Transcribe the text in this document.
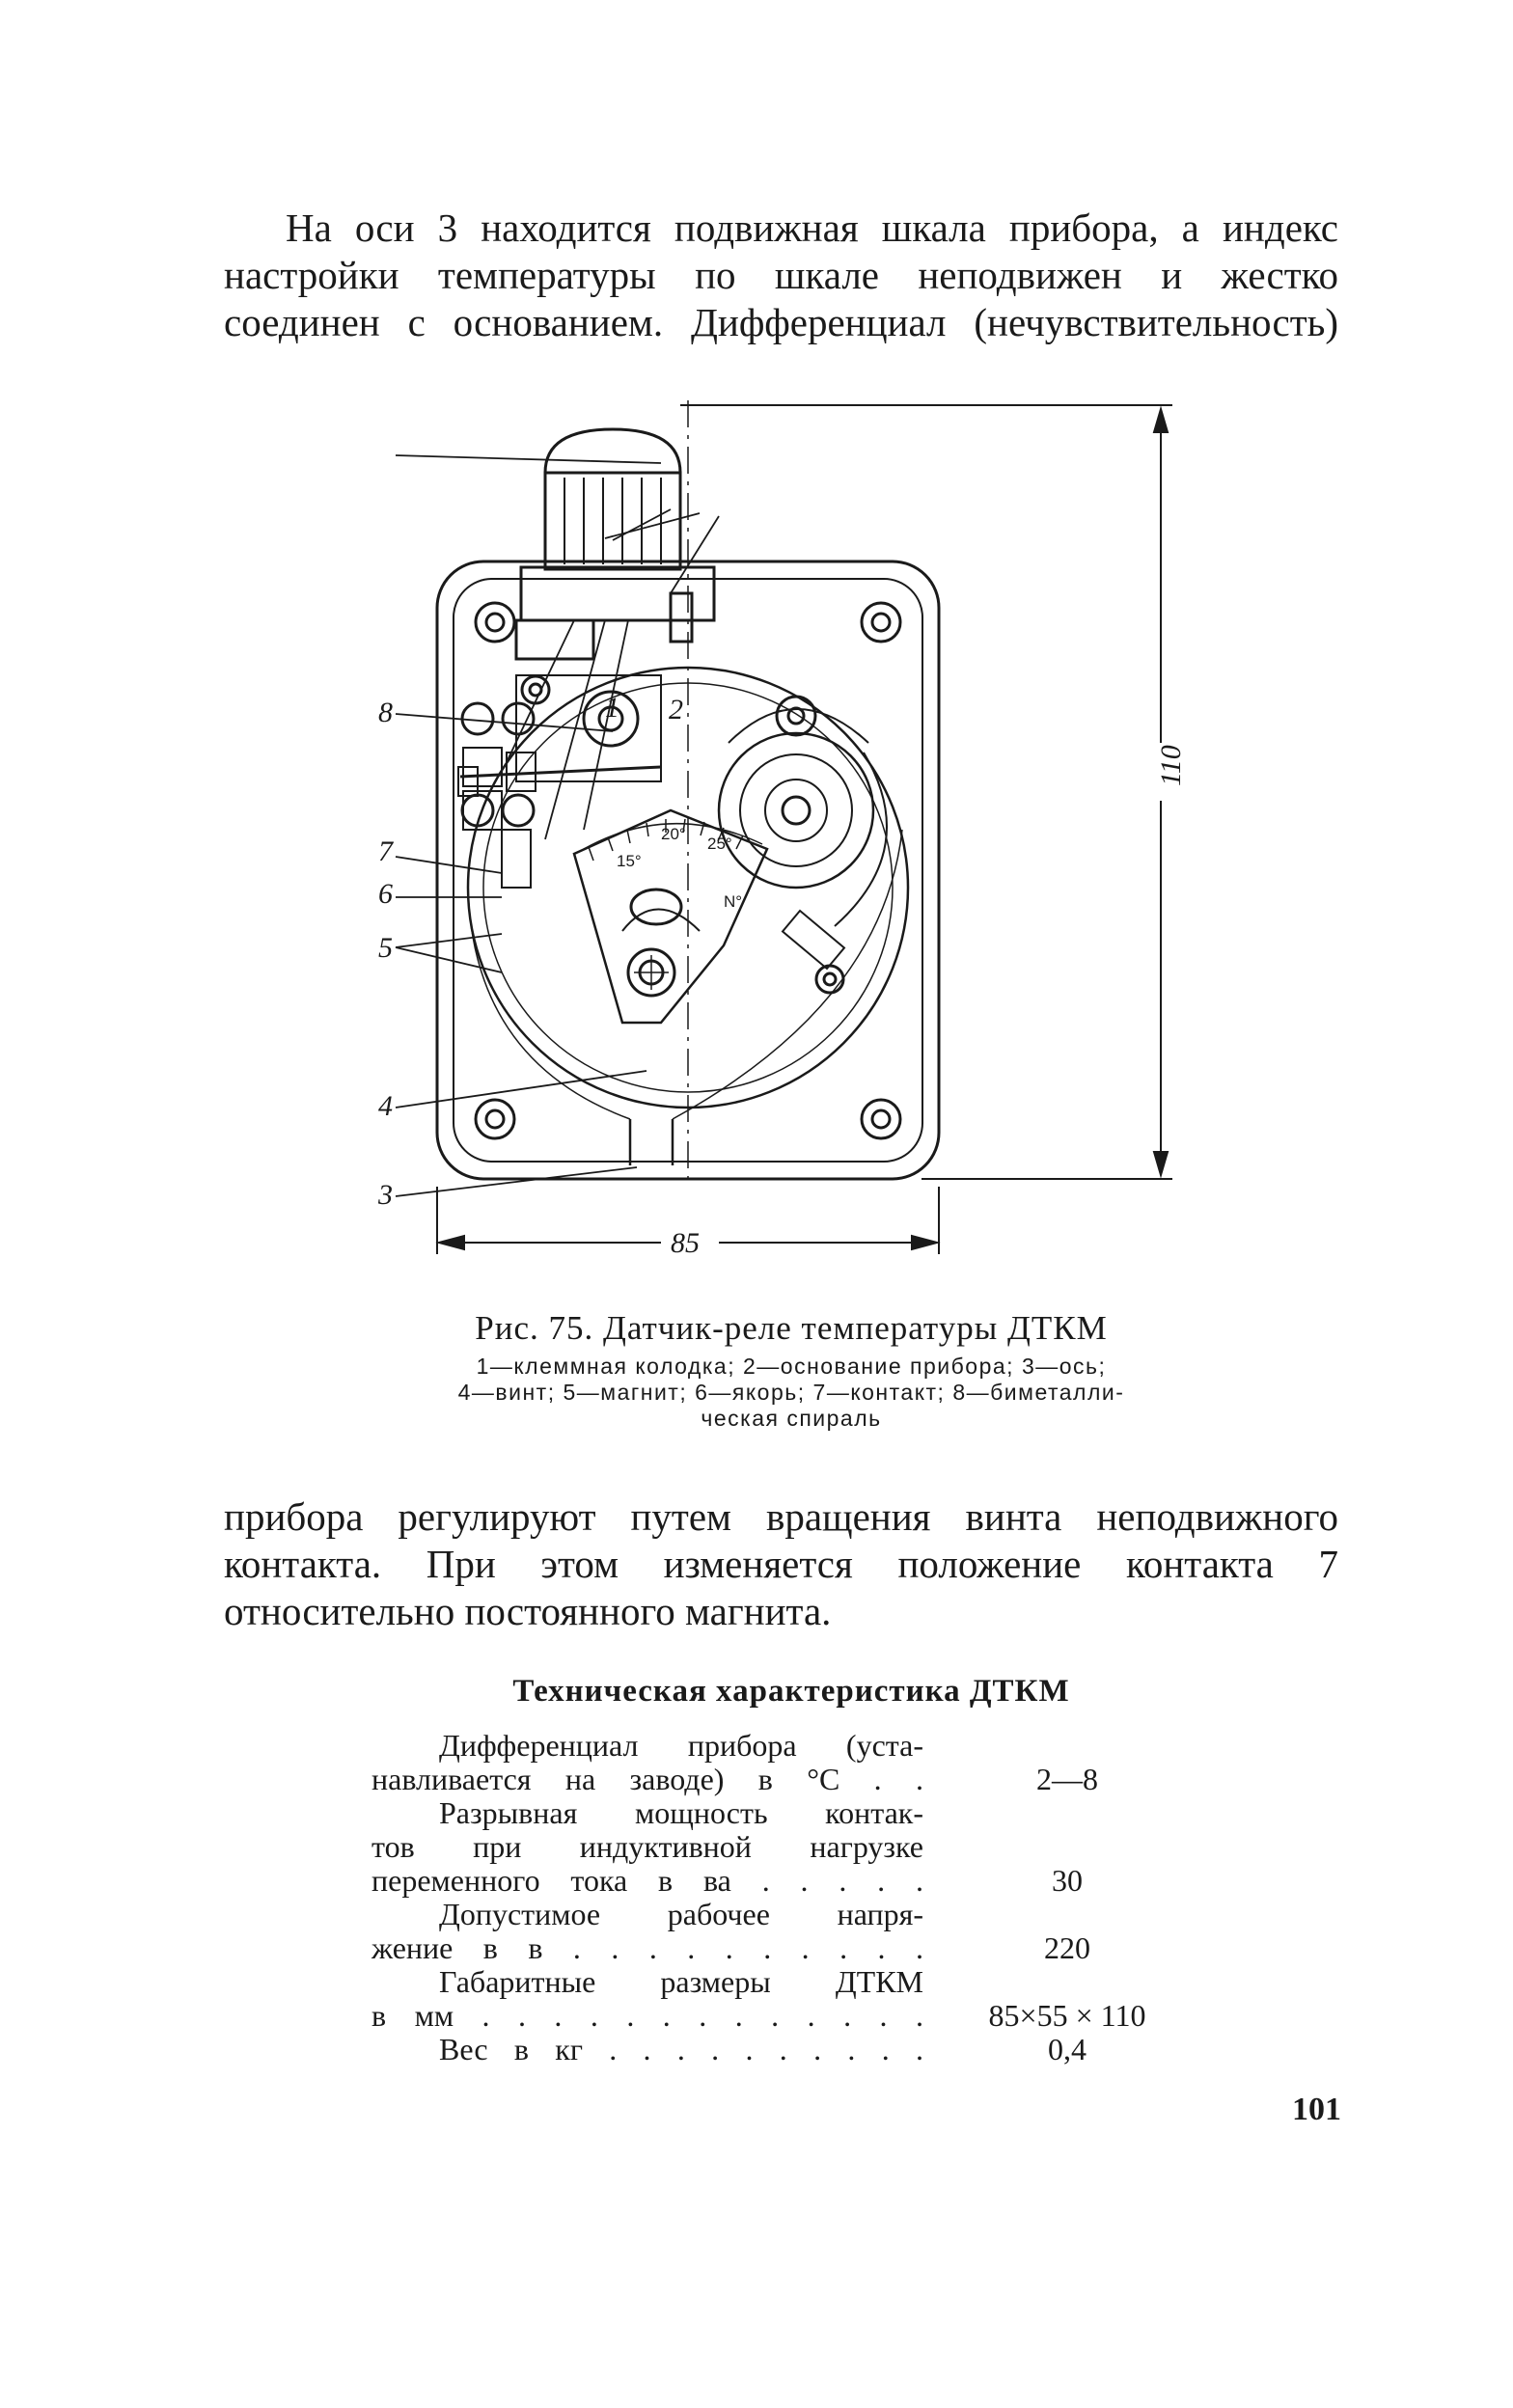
На оси 3 находится подвижная шкала прибора, а индекс
настройки температуры по шкале неподвижен и жестко
соединен с основанием. Дифференциал (нечувствительность)
1 2
15°
20°
25°
N°
110
85
8
7
6
5
4
3
Рис. 75. Датчик-реле температуры ДТКМ
1—клеммная колодка; 2—основание прибора; 3—ось;
4—винт; 5—магнит; 6—якорь; 7—контакт; 8—биметалли-
ческая спираль
прибора регулируют путем вращения винта неподвижного
контакта. При этом изменяется положение контакта 7
относительно постоянного магнита.
Техническая характеристика ДТКМ
Дифференциал прибора (уста-
навливается на заводе) в °С . .	2—8
Разрывная мощность контак-
тов при индуктивной нагрузке
переменного тока в ва . . . . .	30
Допустимое рабочее напря-
жение в в . . . . . . . . . .	220
Габаритные размеры ДТКМ
в мм . . . . . . . . . . . . .	85×55 × 110
Вес в кг . . . . . . . . . .	0,4
101
